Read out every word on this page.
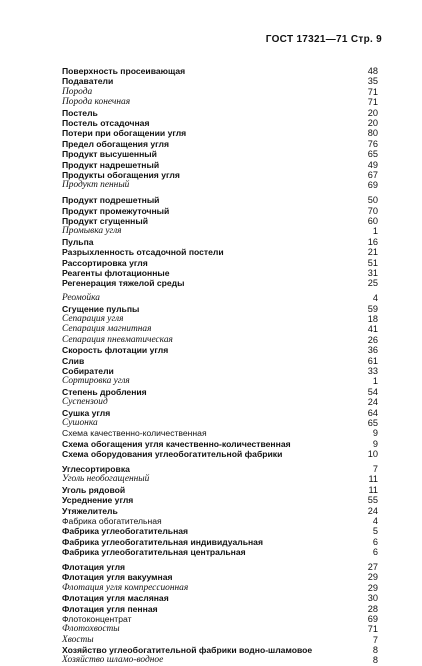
ГОСТ 17321—71 Стр. 9
Поверхность просеивающая	48
Подаватели	35
Порода	71
Порода конечная	71
Постель	20
Постель отсадочная	20
Потери при обогащении угля	80
Предел обогащения угля	76
Продукт высушенный	65
Продукт надрешетный	49
Продукты обогащения угля	67
Продукт пенный	69
Продукт подрешетный	50
Продукт промежуточный	70
Продукт сгущенный	60
Промывка угля	1
Пульпа	16
Разрыхленность отсадочной постели	21
Рассортировка угля	51
Реагенты флотационные	31
Регенерация тяжелой среды	25
Реомойка	4
Сгущение пульпы	59
Сепарация угля	18
Сепарация магнитная	41
Сепарация пневматическая	26
Скорость флотации угля	36
Слив	61
Собиратели	33
Сортировка угля	1
Степень дробления	54
Суспензоид	24
Сушка угля	64
Сушонка	65
Схема качественно-количественная	9
Схема обогащения угля качественно-количественная	9
Схема оборудования углеобогатительной фабрики	10
Углесортировка	7
Уголь необогащенный	11
Уголь рядовой	11
Усреднение угля	55
Утяжелитель	24
Фабрика обогатительная	4
Фабрика углеобогатительная	5
Фабрика углеобогатительная индивидуальная	6
Фабрика углеобогатительная центральная	6
Флотация угля	27
Флотация угля вакуумная	29
Флотация угля компрессионная	29
Флотация угля масляная	30
Флотация угля пенная	28
Флотоконцентрат	69
Флотохвосты	71
Хвосты	7
Хозяйство углеобогатительной фабрики водно-шламовое	8
Хозяйство шламо-водное	8
